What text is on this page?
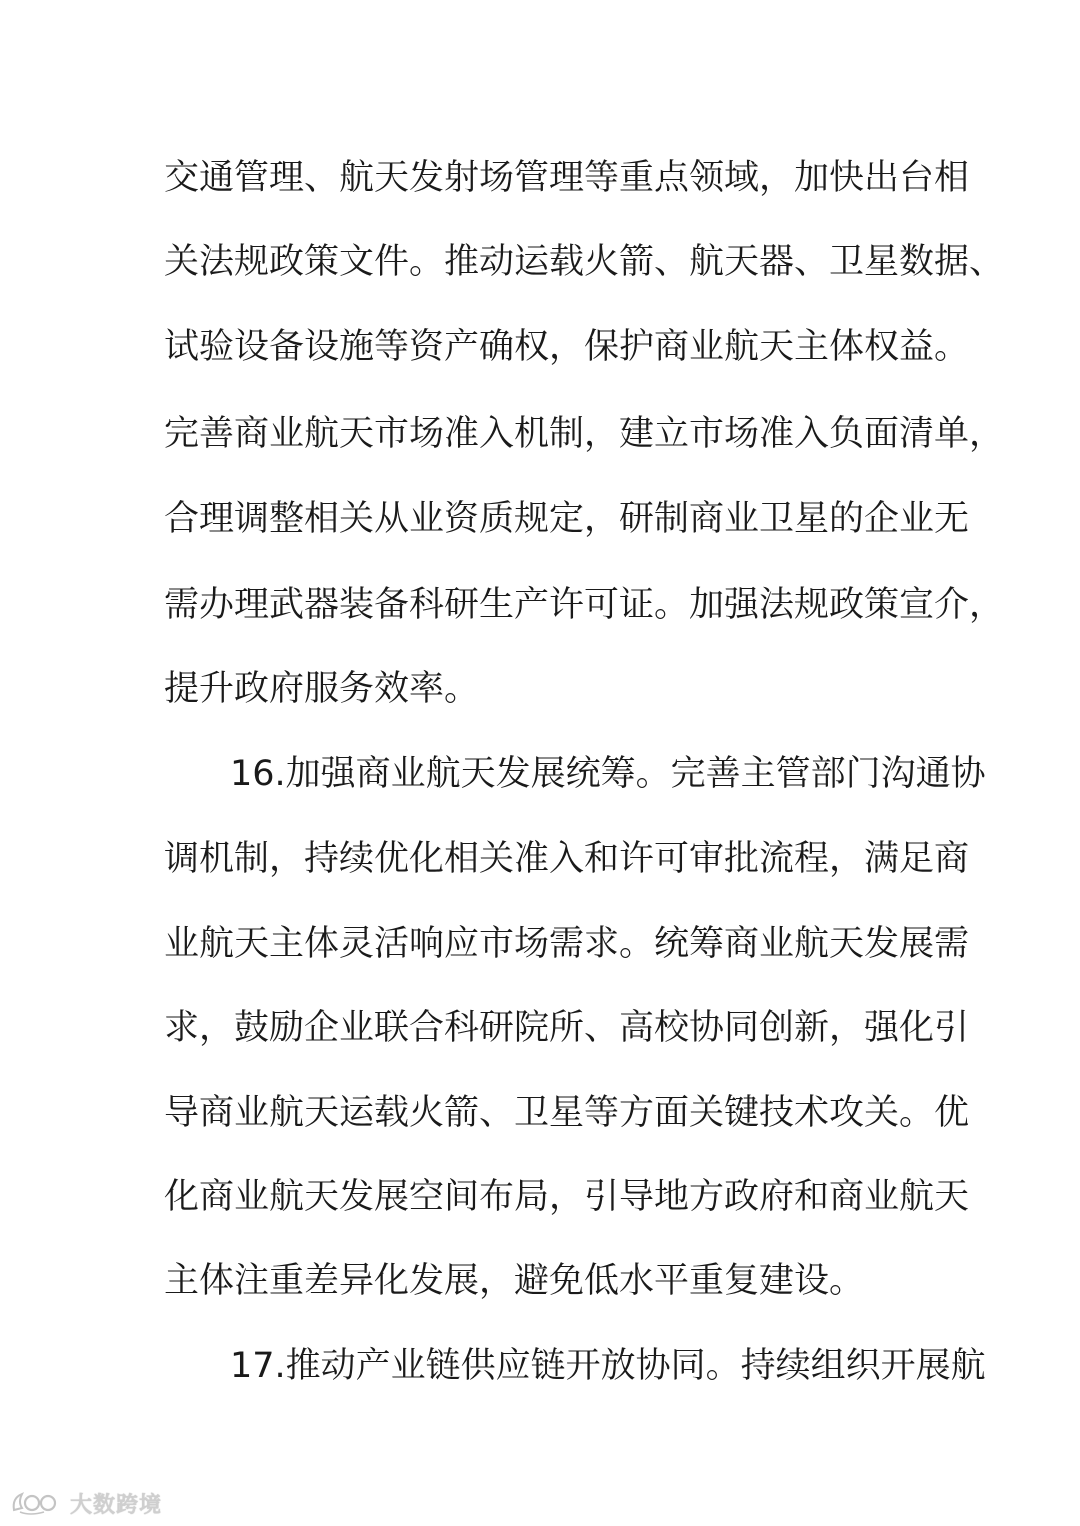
交通管理、航天发射场管理等重点领域，加快出台相
关法规政策文件。推动运载火箭、航天器、卫星数据、
试验设备设施等资产确权，保护商业航天主体权益。
完善商业航天市场准入机制，建立市场准入负面清单，
合理调整相关从业资质规定，研制商业卫星的企业无
需办理武器装备科研生产许可证。加强法规政策宣介，
提升政府服务效率。
16.加强商业航天发展统筹。完善主管部门沟通协
调机制，持续优化相关准入和许可审批流程，满足商
业航天主体灵活响应市场需求。统筹商业航天发展需
求，鼓励企业联合科研院所、高校协同创新，强化引
导商业航天运载火箭、卫星等方面关键技术攻关。优
化商业航天发展空间布局，引导地方政府和商业航天
主体注重差异化发展，避免低水平重复建设。
17.推动产业链供应链开放协同。持续组织开展航
大数跨境
